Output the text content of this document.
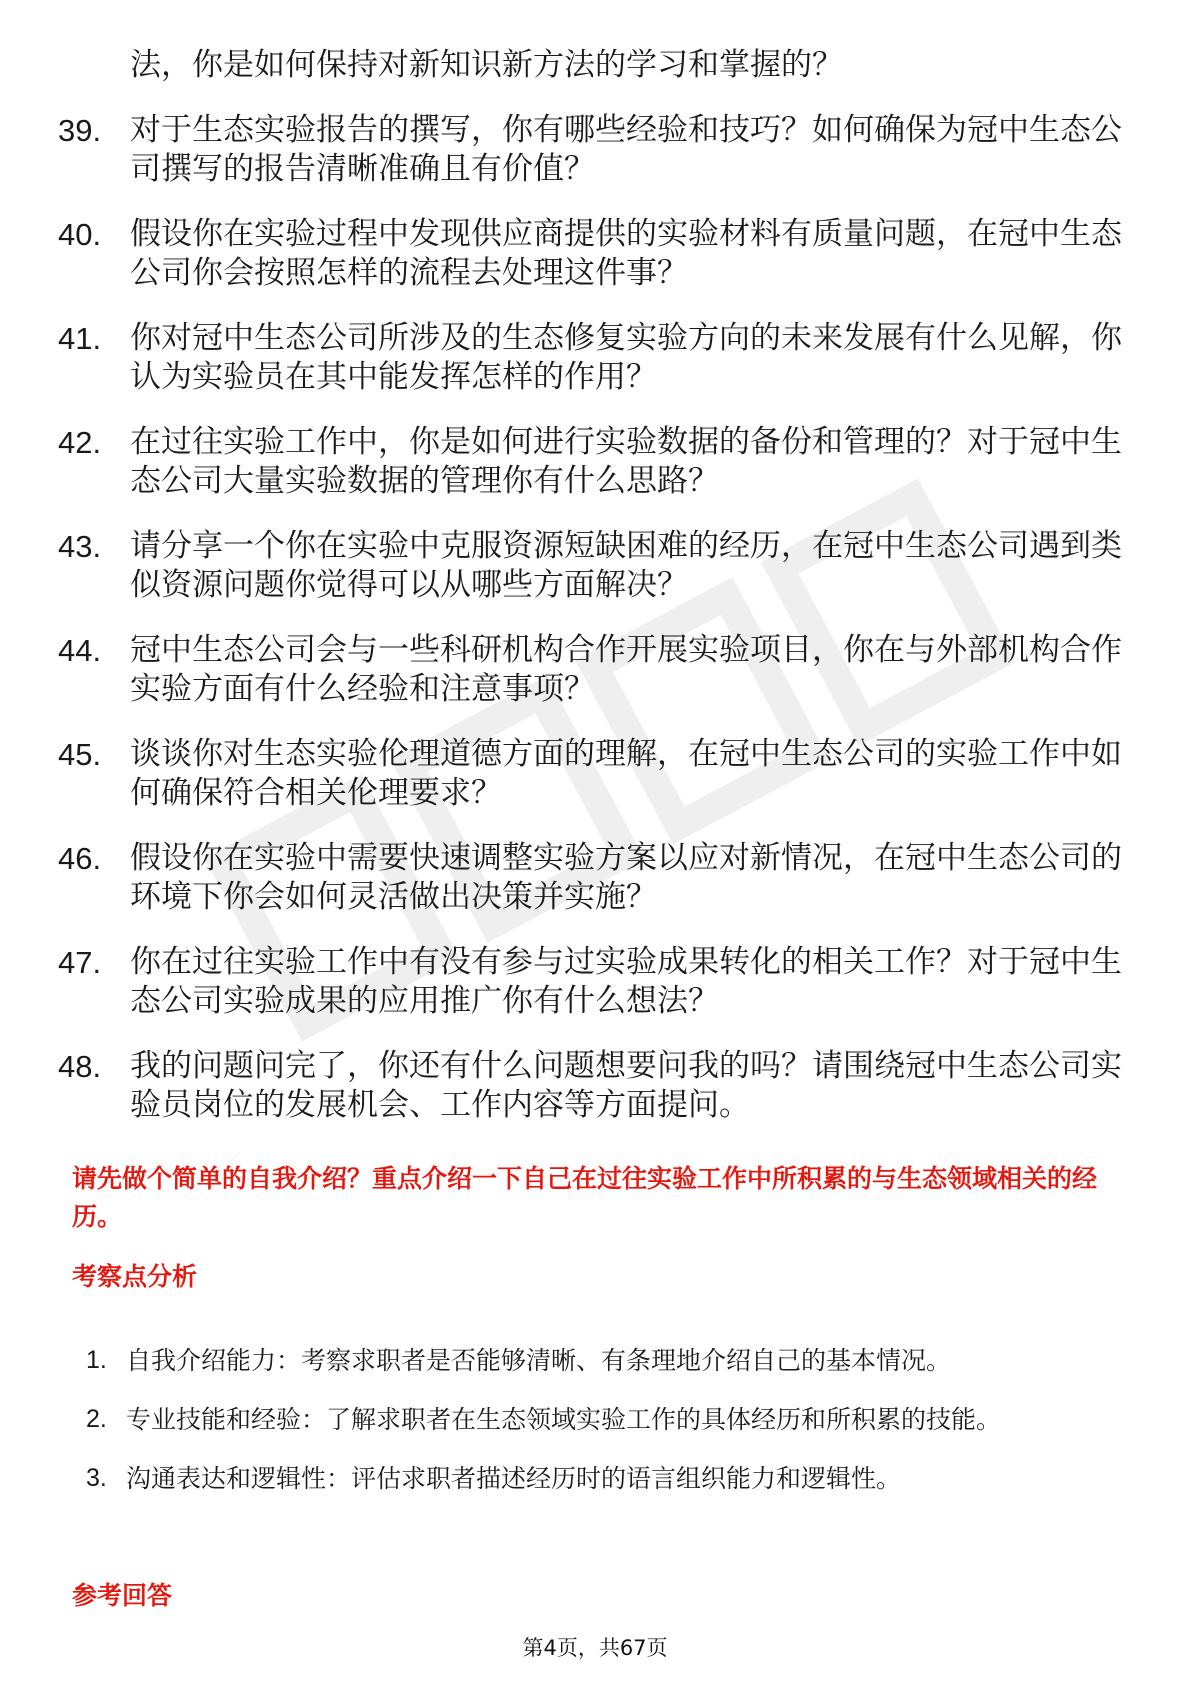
法，你是如何保持对新知识新方法的学习和掌握的？
39. 对于生态实验报告的撰写，你有哪些经验和技巧？如何确保为冠中生态公司撰写的报告清晰准确且有价值？
40. 假设你在实验过程中发现供应商提供的实验材料有质量问题，在冠中生态公司你会按照怎样的流程去处理这件事？
41. 你对冠中生态公司所涉及的生态修复实验方向的未来发展有什么见解，你认为实验员在其中能发挥怎样的作用？
42. 在过往实验工作中，你是如何进行实验数据的备份和管理的？对于冠中生态公司大量实验数据的管理你有什么思路？
43. 请分享一个你在实验中克服资源短缺困难的经历，在冠中生态公司遇到类似资源问题你觉得可以从哪些方面解决？
44. 冠中生态公司会与一些科研机构合作开展实验项目，你在与外部机构合作实验方面有什么经验和注意事项？
45. 谈谈你对生态实验伦理道德方面的理解，在冠中生态公司的实验工作中如何确保符合相关伦理要求？
46. 假设你在实验中需要快速调整实验方案以应对新情况，在冠中生态公司的环境下你会如何灵活做出决策并实施？
47. 你在过往实验工作中有没有参与过实验成果转化的相关工作？对于冠中生态公司实验成果的应用推广你有什么想法？
48. 我的问题问完了，你还有什么问题想要问我的吗？请围绕冠中生态公司实验员岗位的发展机会、工作内容等方面提问。

请先做个简单的自我介绍？重点介绍一下自己在过往实验工作中所积累的与生态领域相关的经历。

考察点分析
1. 自我介绍能力：考察求职者是否能够清晰、有条理地介绍自己的基本情况。
2. 专业技能和经验：了解求职者在生态领域实验工作的具体经历和所积累的技能。
3. 沟通表达和逻辑性：评估求职者描述经历时的语言组织能力和逻辑性。
参考回答
第4页，共67页
